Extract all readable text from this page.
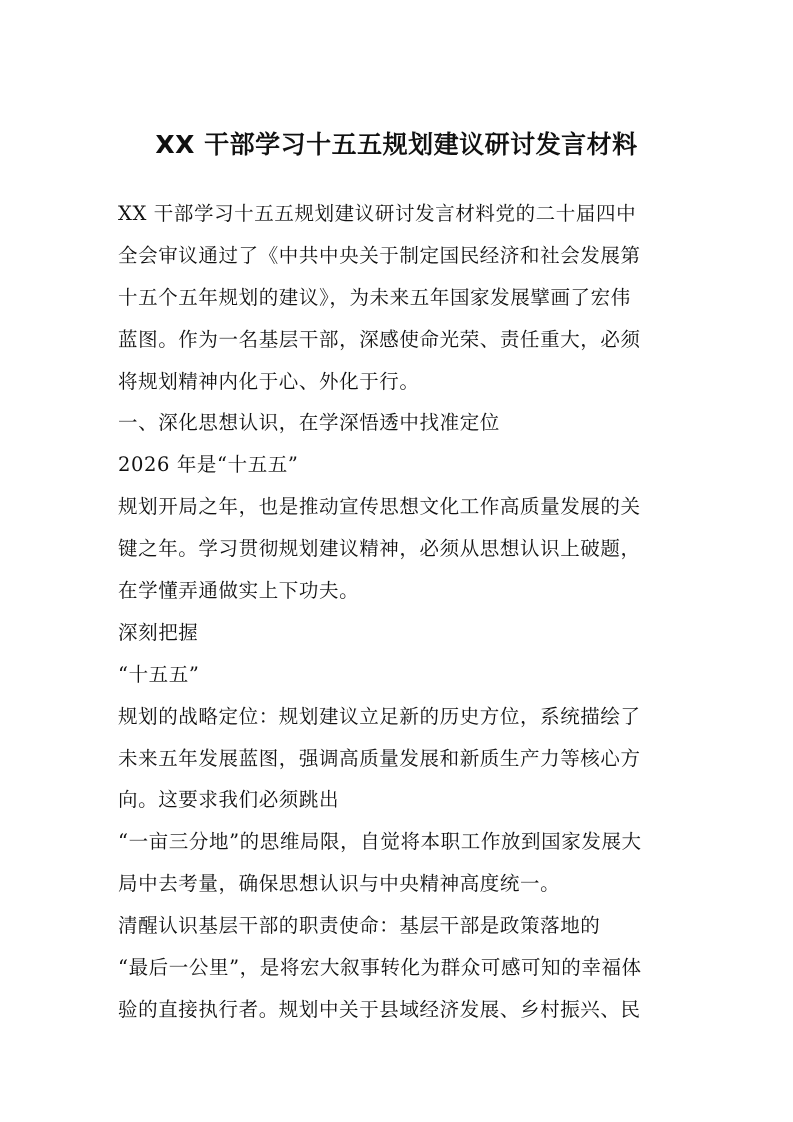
XX 干部学习十五五规划建议研讨发言材料
XX 干部学习十五五规划建议研讨发言材料党的二十届四中
全会审议通过了《中共中央关于制定国民经济和社会发展第
十五个五年规划的建议》，为未来五年国家发展擘画了宏伟
蓝图。作为一名基层干部，深感使命光荣、责任重大，必须
将规划精神内化于心、外化于行。
一、深化思想认识，在学深悟透中找准定位
2026 年是“十五五”
规划开局之年，也是推动宣传思想文化工作高质量发展的关
键之年。学习贯彻规划建议精神，必须从思想认识上破题，
在学懂弄通做实上下功夫。
深刻把握
“十五五”
规划的战略定位：规划建议立足新的历史方位，系统描绘了
未来五年发展蓝图，强调高质量发展和新质生产力等核心方
向。这要求我们必须跳出
“一亩三分地”的思维局限，自觉将本职工作放到国家发展大
局中去考量，确保思想认识与中央精神高度统一。
清醒认识基层干部的职责使命：基层干部是政策落地的
“最后一公里”，是将宏大叙事转化为群众可感可知的幸福体
验的直接执行者。规划中关于县域经济发展、乡村振兴、民
